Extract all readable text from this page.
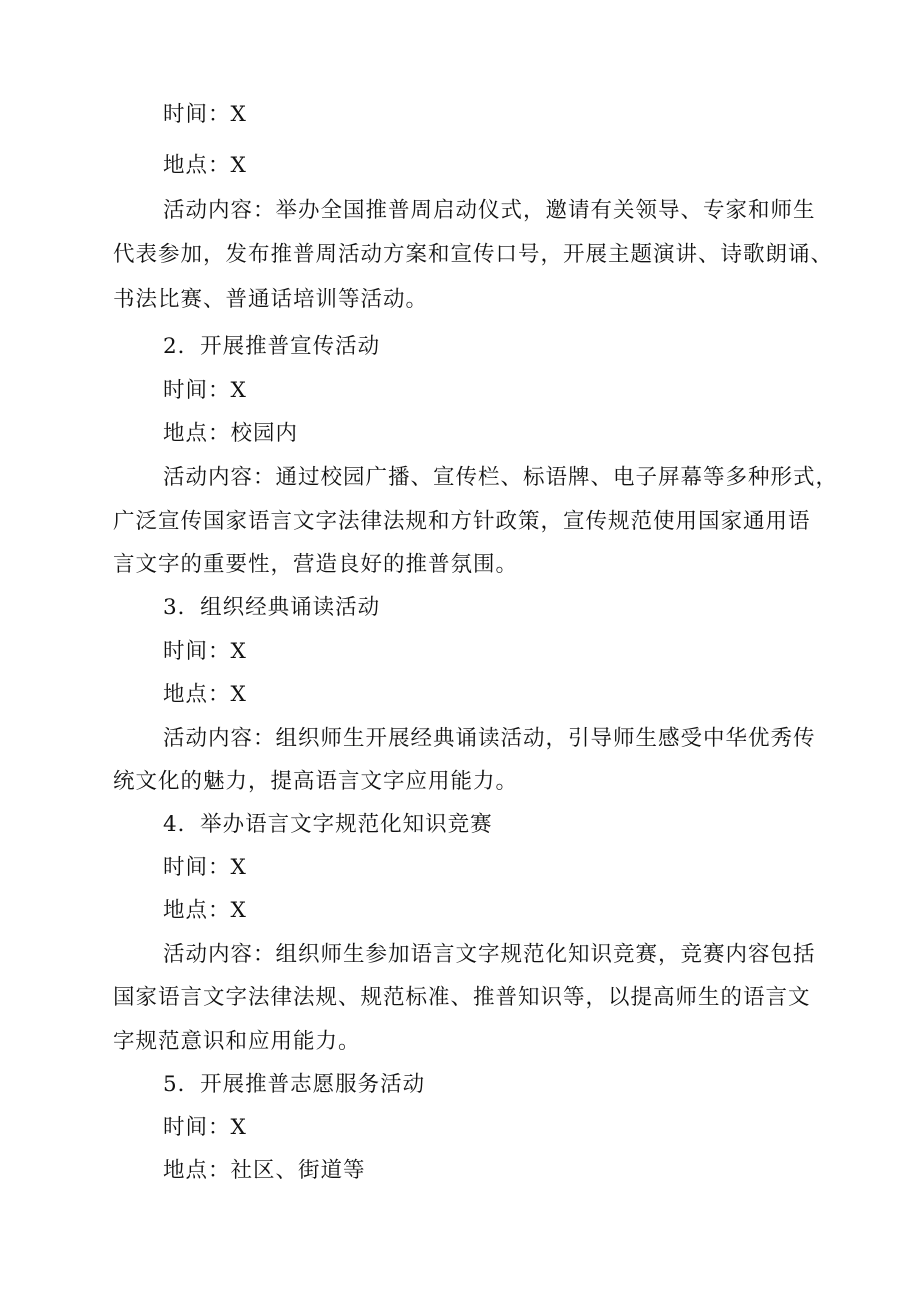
时间：X
地点：X
活动内容：举办全国推普周启动仪式，邀请有关领导、专家和师生
代表参加，发布推普周活动方案和宣传口号，开展主题演讲、诗歌朗诵、
书法比赛、普通话培训等活动。
2．开展推普宣传活动
时间：X
地点：校园内
活动内容：通过校园广播、宣传栏、标语牌、电子屏幕等多种形式，
广泛宣传国家语言文字法律法规和方针政策，宣传规范使用国家通用语
言文字的重要性，营造良好的推普氛围。
3．组织经典诵读活动
时间：X
地点：X
活动内容：组织师生开展经典诵读活动，引导师生感受中华优秀传
统文化的魅力，提高语言文字应用能力。
4．举办语言文字规范化知识竞赛
时间：X
地点：X
活动内容：组织师生参加语言文字规范化知识竞赛，竞赛内容包括
国家语言文字法律法规、规范标准、推普知识等，以提高师生的语言文
字规范意识和应用能力。
5．开展推普志愿服务活动
时间：X
地点：社区、街道等
